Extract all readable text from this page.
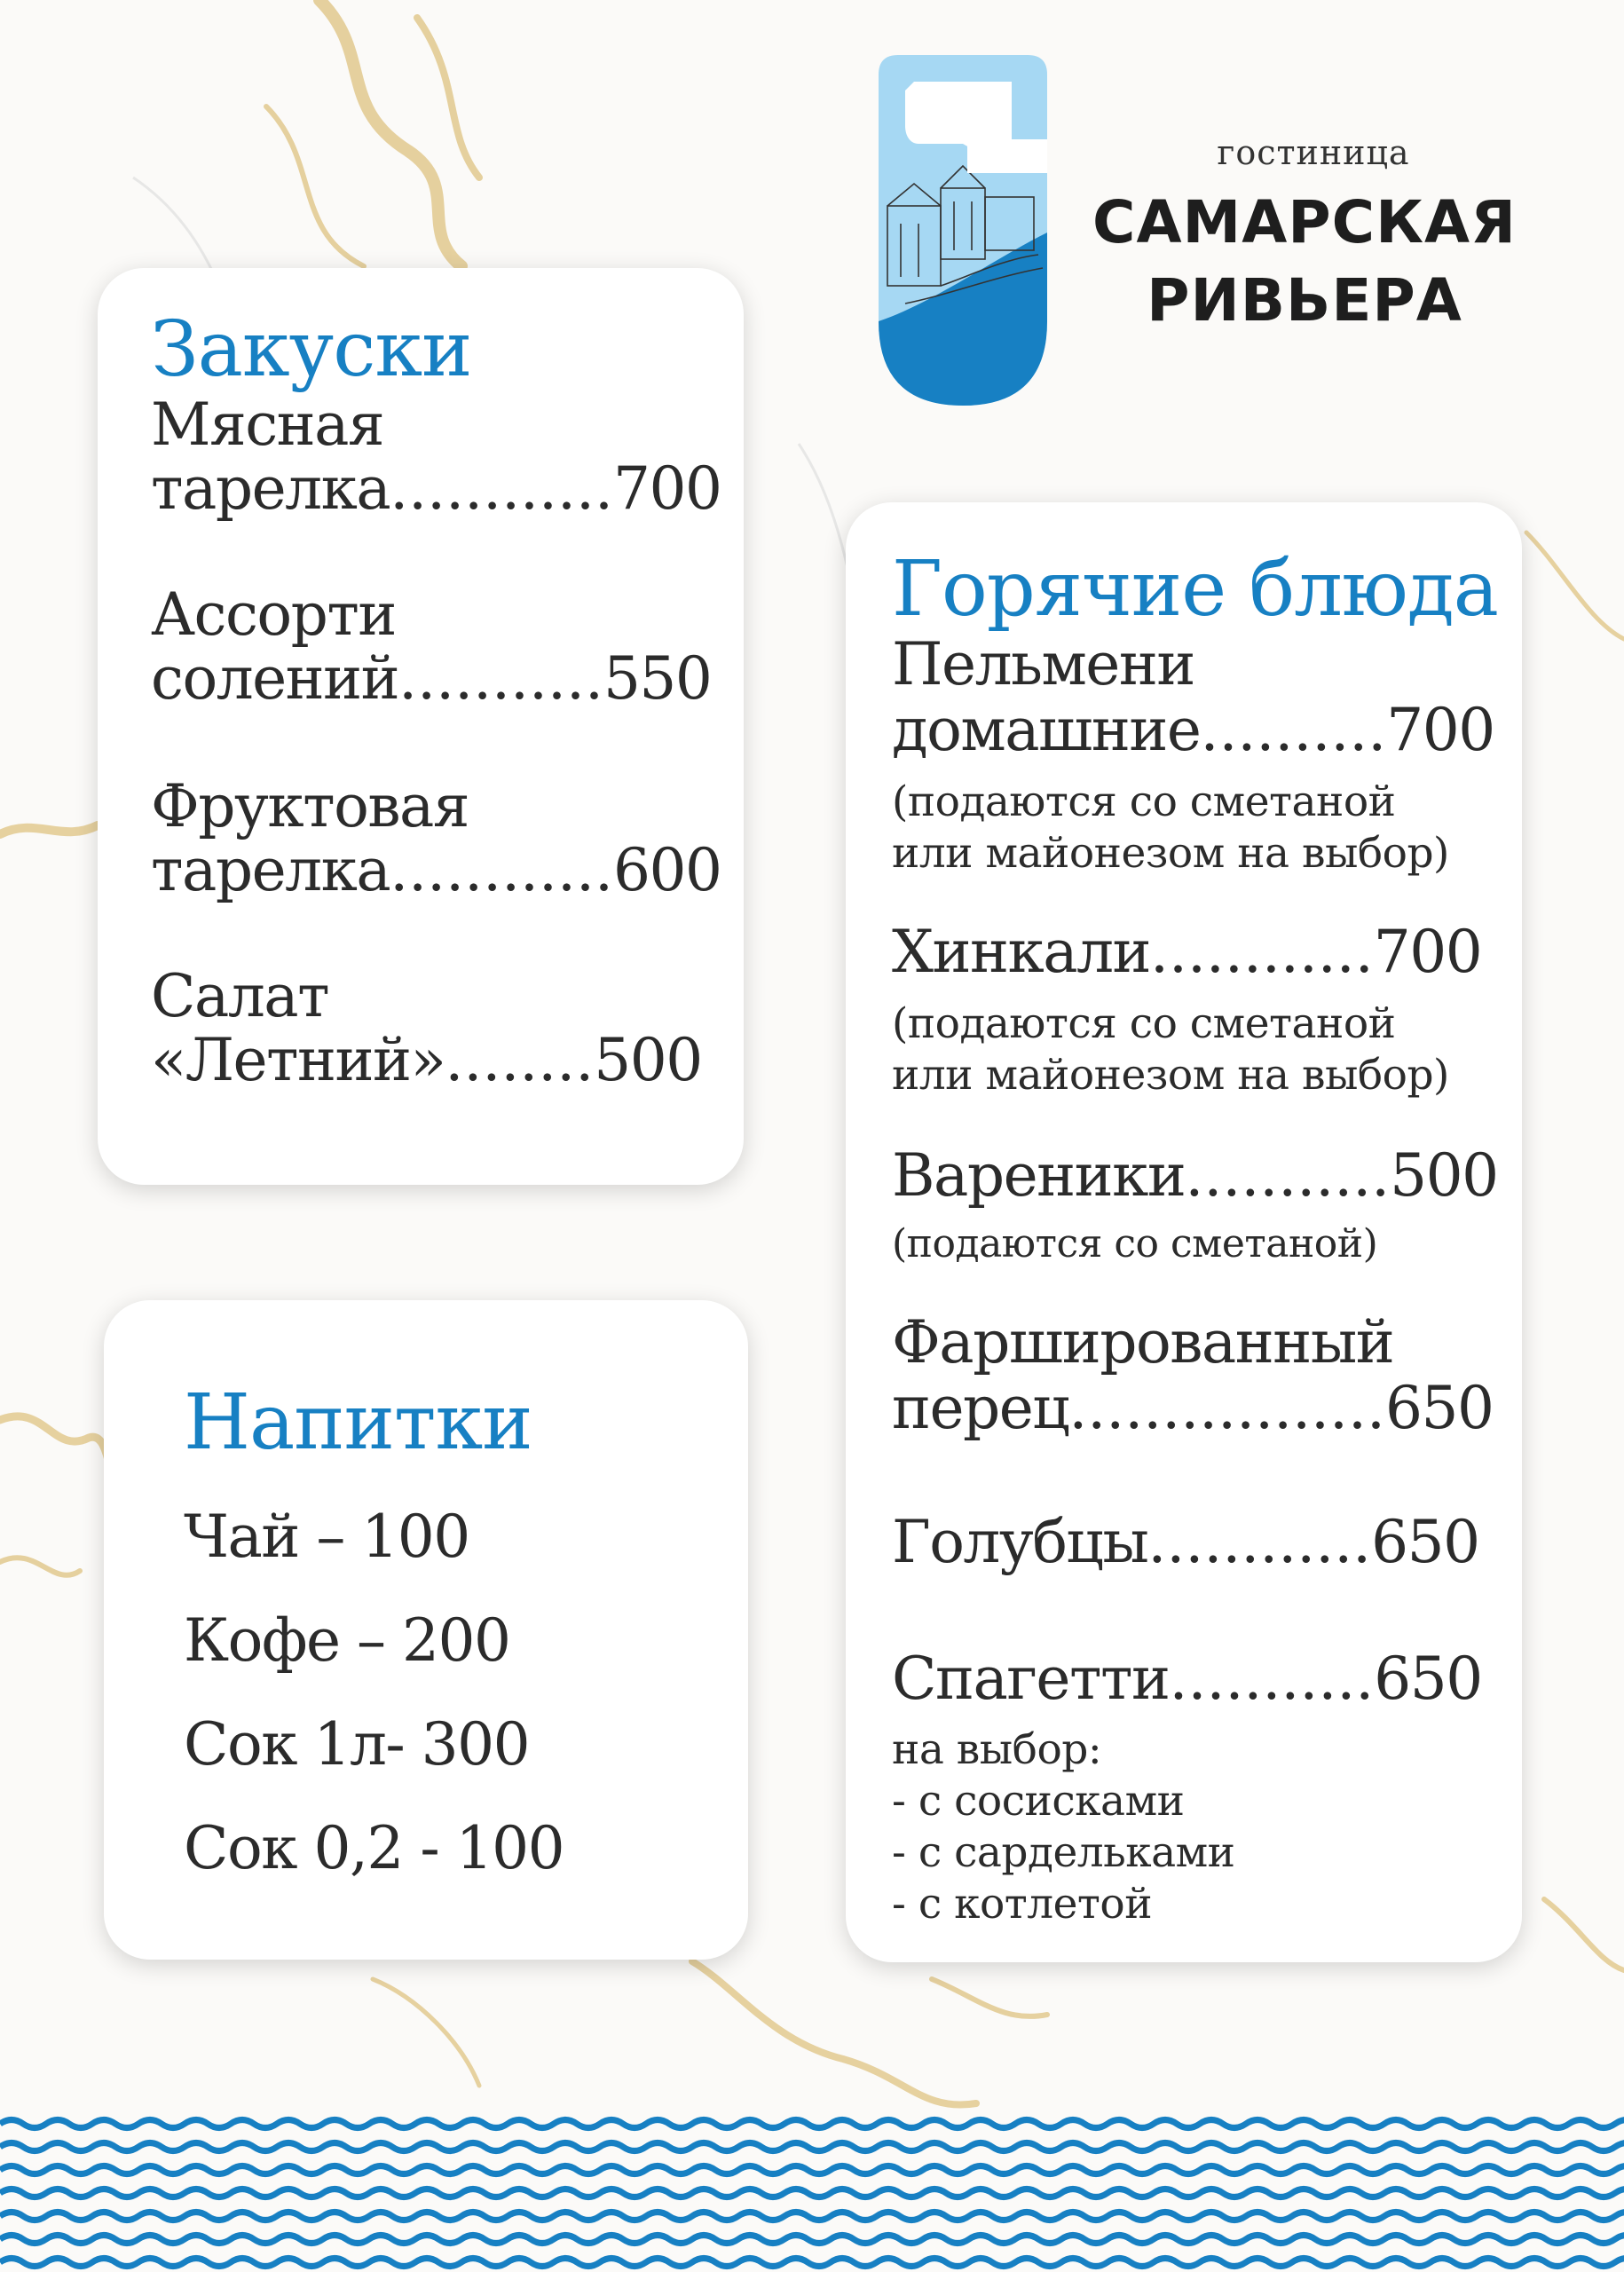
гостиница
САМАРСКАЯ
РИВЬЕРА
Закуски
Мясная
тарелка............700
Ассорти
солений...........550
Фруктовая
тарелка............600
Салат
«Летний»........500
Напитки
Чай – 100
Кофе – 200
Сок 1л- 300
Сок 0,2 - 100
Горячие блюда
Пельмени
домашние..........700
(подаются со сметаной
или майонезом на выбор)
Хинкали............700
(подаются со сметаной
или майонезом на выбор)
Вареники...........500
(подаются со сметаной)
Фаршированный
перец.................650
Голубцы............650
Спагетти...........650
на выбор:
- с сосисками
- с сардельками
- с котлетой
